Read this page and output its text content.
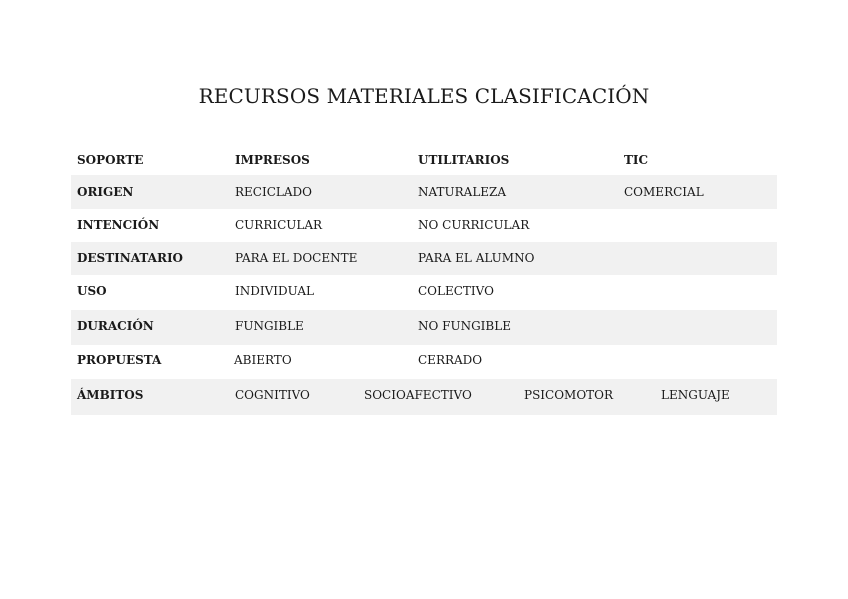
RECURSOS MATERIALES CLASIFICACIÓN
SOPORTE	IMPRESOS	UTILITARIOS	TIC
ORIGEN	RECICLADO	NATURALEZA	COMERCIAL
INTENCIÓN	CURRICULAR	NO CURRICULAR
DESTINATARIO	PARA EL DOCENTE	PARA EL ALUMNO
USO	INDIVIDUAL	COLECTIVO
DURACIÓN	FUNGIBLE	NO FUNGIBLE
PROPUESTA	ABIERTO	CERRADO
ÁMBITOS	COGNITIVO	SOCIOAFECTIVO	PSICOMOTOR	LENGUAJE
